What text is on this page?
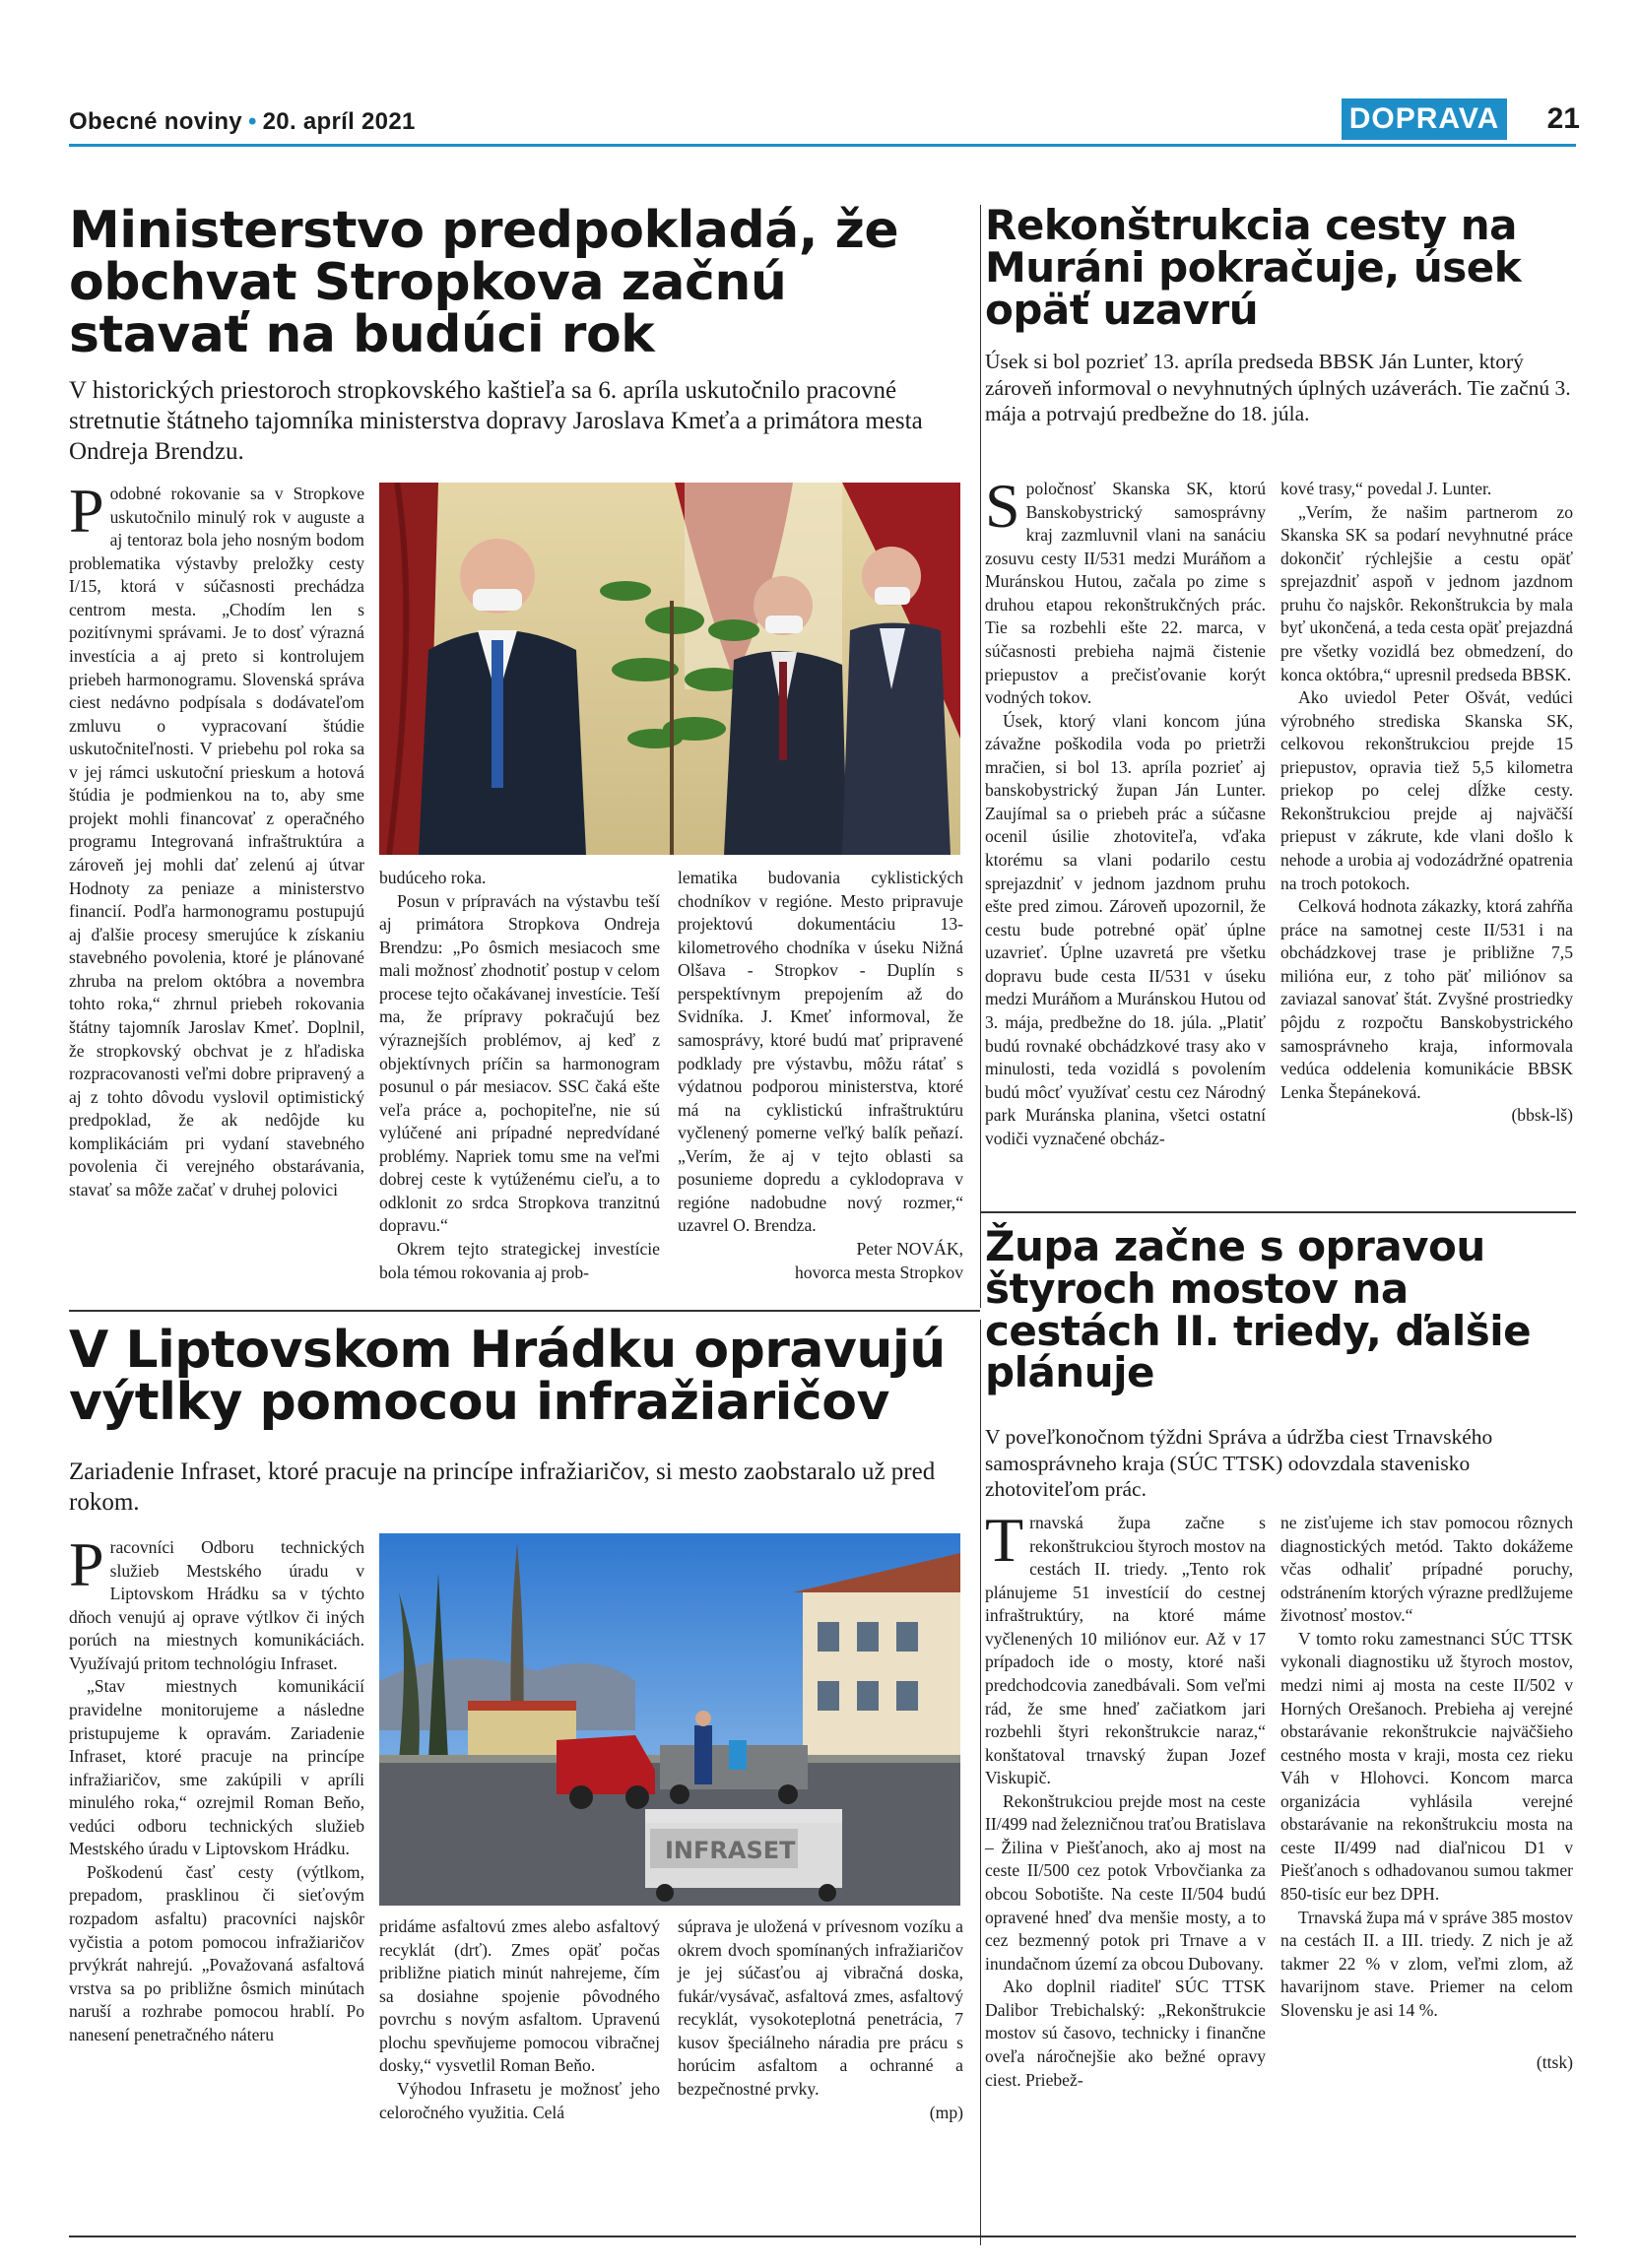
Obecné noviny • 20. apríl 2021	DOPRAVA	21
Ministerstvo predpokladá, že obchvat Stropkova začnú stavať na budúci rok
V historických priestoroch stropkovského kaštieľa sa 6. apríla uskutočnilo pracovné stretnutie štátneho tajomníka ministerstva dopravy Jaroslava Kmeťa a primátora mesta Ondreja Brendzu.
Podobné rokovanie sa v Stropkove uskutočnilo minulý rok v auguste a aj tentoraz bola jeho nosným bodom problematika výstavby preložky cesty I/15, ktorá v súčasnosti prechádza centrom mesta. „Chodím len s pozitívnymi správami. Je to dosť výrazná investícia a aj preto si kontrolujem priebeh harmonogramu. Slovenská správa ciest nedávno podpísala s dodávateľom zmluvu o vypracovaní štúdie uskutočniteľnosti. V priebehu pol roka sa v jej rámci uskutoční prieskum a hotová štúdia je podmienkou na to, aby sme projekt mohli financovať z operačného programu Integrovaná infraštruktúra a zároveň jej mohli dať zelenú aj útvar Hodnoty za peniaze a ministerstvo financií. Podľa harmonogramu postupujú aj ďalšie procesy smerujúce k získaniu stavebného povolenia, ktoré je plánované zhruba na prelom októbra a novembra tohto roka,“ zhrnul priebeh rokovania štátny tajomník Jaroslav Kmeť. Doplnil, že stropkovský obchvat je z hľadiska rozpracovanosti veľmi dobre pripravený a aj z tohto dôvodu vyslovil optimistický predpoklad, že ak nedôjde ku komplikáciám pri vydaní stavebného povolenia či verejného obstarávania, stavať sa môže začať v druhej polovici

budúceho roka.

Posun v prípravách na výstavbu teší aj primátora Stropkova Ondreja Brendzu: „Po ôsmich mesiacoch sme mali možnosť zhodnotiť postup v celom procese tejto očakávanej investície. Teší ma, že prípravy pokračujú bez výraznejších problémov, aj keď z objektívnych príčin sa harmonogram posunul o pár mesiacov. SSC čaká ešte veľa práce a, pochopiteľne, nie sú vylúčené ani prípadné nepredvídané problémy. Napriek tomu sme na veľmi dobrej ceste k vytúženému cieľu, a to odklonit zo srdca Stropkova tranzitnú dopravu.“

Okrem tejto strategickej investície bola témou rokovania aj prob-

lematika budovania cyklistických chodníkov v regióne. Mesto pripravuje projektovú dokumentáciu 13-kilometrového chodníka v úseku Nižná Olšava - Stropkov - Duplín s perspektívnym prepojením až do Svidníka. J. Kmeť informoval, že samosprávy, ktoré budú mať pripravené podklady pre výstavbu, môžu rátať s výdatnou podporou ministerstva, ktoré má na cyklistickú infraštruktúru vyčlenený pomerne veľký balík peňazí. „Verím, že aj v tejto oblasti sa posunieme dopredu a cyklodoprava v regióne nadobudne nový rozmer,“ uzavrel O. Brendza.

Peter NOVÁK,
hovorca mesta Stropkov
Rekonštrukcia cesty na Muráni pokračuje, úsek opäť uzavrú
Úsek si bol pozrieť 13. apríla predseda BBSK Ján Lunter, ktorý zároveň informoval o nevyhnutných úplných uzáverách. Tie začnú 3. mája a potrvajú predbežne do 18. júla.
Spoločnosť Skanska SK, ktorú Banskobystrický samosprávny kraj zazmluvnil vlani na sanáciu zosuvu cesty II/531 medzi Muráňom a Muránskou Hutou, začala po zime s druhou etapou rekonštrukčných prác. Tie sa rozbehli ešte 22. marca, v súčasnosti prebieha najmä čistenie priepustov a prečisťovanie korýt vodných tokov.

Úsek, ktorý vlani koncom júna závažne poškodila voda po prietrži mračien, si bol 13. apríla pozrieť aj banskobystrický župan Ján Lunter. Zaujímal sa o priebeh prác a súčasne ocenil úsilie zhotoviteľa, vďaka ktorému sa vlani podarilo cestu sprejazdniť v jednom jazdnom pruhu ešte pred zimou. Zároveň upozornil, že cestu bude potrebné opäť úplne uzavrieť. Úplne uzavretá pre všetku dopravu bude cesta II/531 v úseku medzi Muráňom a Muránskou Hutou od 3. mája, predbežne do 18. júla. „Platiť budú rovnaké obchádzkové trasy ako v minulosti, teda vozidlá s povolením budú môcť využívať cestu cez Národný park Muránska planina, všetci ostatní vodiči vyznačené obcház-

kové trasy,“ povedal J. Lunter.

„Verím, že našim partnerom zo Skanska SK sa podarí nevyhnutné práce dokončiť rýchlejšie a cestu opäť sprejazdniť aspoň v jednom jazdnom pruhu čo najskôr. Rekonštrukcia by mala byť ukončená, a teda cesta opäť prejazdná pre všetky vozidlá bez obmedzení, do konca októbra,“ upresnil predseda BBSK.

Ako uviedol Peter Ošvát, vedúci výrobného strediska Skanska SK, celkovou rekonštrukciou prejde 15 priepustov, opravia tiež 5,5 kilometra priekop po celej dĺžke cesty. Rekonštrukciou prejde aj najväčší priepust v zákrute, kde vlani došlo k nehode a urobia aj vodozádržné opatrenia na troch potokoch.

Celková hodnota zákazky, ktorá zahŕňa práce na samotnej ceste II/531 i na obchádzkovej trase je približne 7,5 milióna eur, z toho päť miliónov sa zaviazal sanovať štát. Zvyšné prostriedky pôjdu z rozpočtu Banskobystrického samosprávneho kraja, informovala vedúca oddelenia komunikácie BBSK Lenka Štepáneková.

(bbsk-lš)
V Liptovskom Hrádku opravujú výtlky pomocou infražiaričov
Zariadenie Infraset, ktoré pracuje na princípe infražiaričov, si mesto zaobstaralo už pred rokom.
Pracovníci Odboru technických služieb Mestského úradu v Liptovskom Hrádku sa v týchto dňoch venujú aj oprave výtlkov či iných porúch na miestnych komunikáciách. Využívajú pritom technológiu Infraset.

„Stav miestnych komunikácií pravidelne monitorujeme a následne pristupujeme k opravám. Zariadenie Infraset, ktoré pracuje na princípe infražiaričov, sme zakúpili v apríli minulého roka,“ ozrejmil Roman Beňo, vedúci odboru technických služieb Mestského úradu v Liptovskom Hrádku.

Poškodenú časť cesty (výtlkom, prepadom, prasklinou či sieťovým rozpadom asfaltu) pracovníci najskôr vyčistia a potom pomocou infražiaričov prvýkrát nahrejú. „Považovaná asfaltová vrstva sa po približne ôsmich minútach naruší a rozhrabe pomocou hrablí. Po nanesení penetračného náteru

INFRASET

pridáme asfaltovú zmes alebo asfaltový recyklát (drť). Zmes opäť počas približne piatich minút nahrejeme, čím sa dosiahne spojenie pôvodného povrchu s novým asfaltom. Upravenú plochu spevňujeme pomocou vibračnej dosky,“ vysvetlil Roman Beňo.

Výhodou Infrasetu je možnosť jeho celoročného využitia. Celá

súprava je uložená v prívesnom vozíku a okrem dvoch spomínaných infražiaričov je jej súčasťou aj vibračná doska, fukár/vysávač, asfaltová zmes, asfaltový recyklát, vysokoteplotná penetrácia, 7 kusov špeciálneho náradia pre prácu s horúcim asfaltom a ochranné a bezpečnostné prvky.

(mp)
Župa začne s opravou štyroch mostov na cestách II. triedy, ďalšie plánuje
V poveľkonočnom týždni Správa a údržba ciest Trnavského samosprávneho kraja (SÚC TTSK) odovzdala stavenisko zhotoviteľom prác.
Trnavská župa začne s rekonštrukciou štyroch mostov na cestách II. triedy. „Tento rok plánujeme 51 investícií do cestnej infraštruktúry, na ktoré máme vyčlenených 10 miliónov eur. Až v 17 prípadoch ide o mosty, ktoré naši predchodcovia zanedbávali. Som veľmi rád, že sme hneď začiatkom jari rozbehli štyri rekonštrukcie naraz,“ konštatoval trnavský župan Jozef Viskupič.

Rekonštrukciou prejde most na ceste II/499 nad železničnou traťou Bratislava – Žilina v Piešťanoch, ako aj most na ceste II/500 cez potok Vrbovčianka za obcou Sobotište. Na ceste II/504 budú opravené hneď dva menšie mosty, a to cez bezmenný potok pri Trnave a v inundačnom území za obcou Dubovany.

Ako doplnil riaditeľ SÚC TTSK Dalibor Trebichalský: „Rekonštrukcie mostov sú časovo, technicky i finančne oveľa náročnejšie ako bežné opravy ciest. Priebež-

ne zisťujeme ich stav pomocou rôznych diagnostických metód. Takto dokážeme včas odhaliť prípadné poruchy, odstránením ktorých výrazne predlžujeme životnosť mostov.“

V tomto roku zamestnanci SÚC TTSK vykonali diagnostiku už štyroch mostov, medzi nimi aj mosta na ceste II/502 v Horných Orešanoch. Prebieha aj verejné obstarávanie rekonštrukcie najväčšieho cestného mosta v kraji, mosta cez rieku Váh v Hlohovci. Koncom marca organizácia vyhlásila verejné obstarávanie na rekonštrukciu mosta na ceste II/499 nad diaľnicou D1 v Piešťanoch s odhadovanou sumou takmer 850-tisíc eur bez DPH.

Trnavská župa má v správe 385 mostov na cestách II. a III. triedy. Z nich je až takmer 22 % v zlom, veľmi zlom, až havarijnom stave. Priemer na celom Slovensku je asi 14 %.

(ttsk)
